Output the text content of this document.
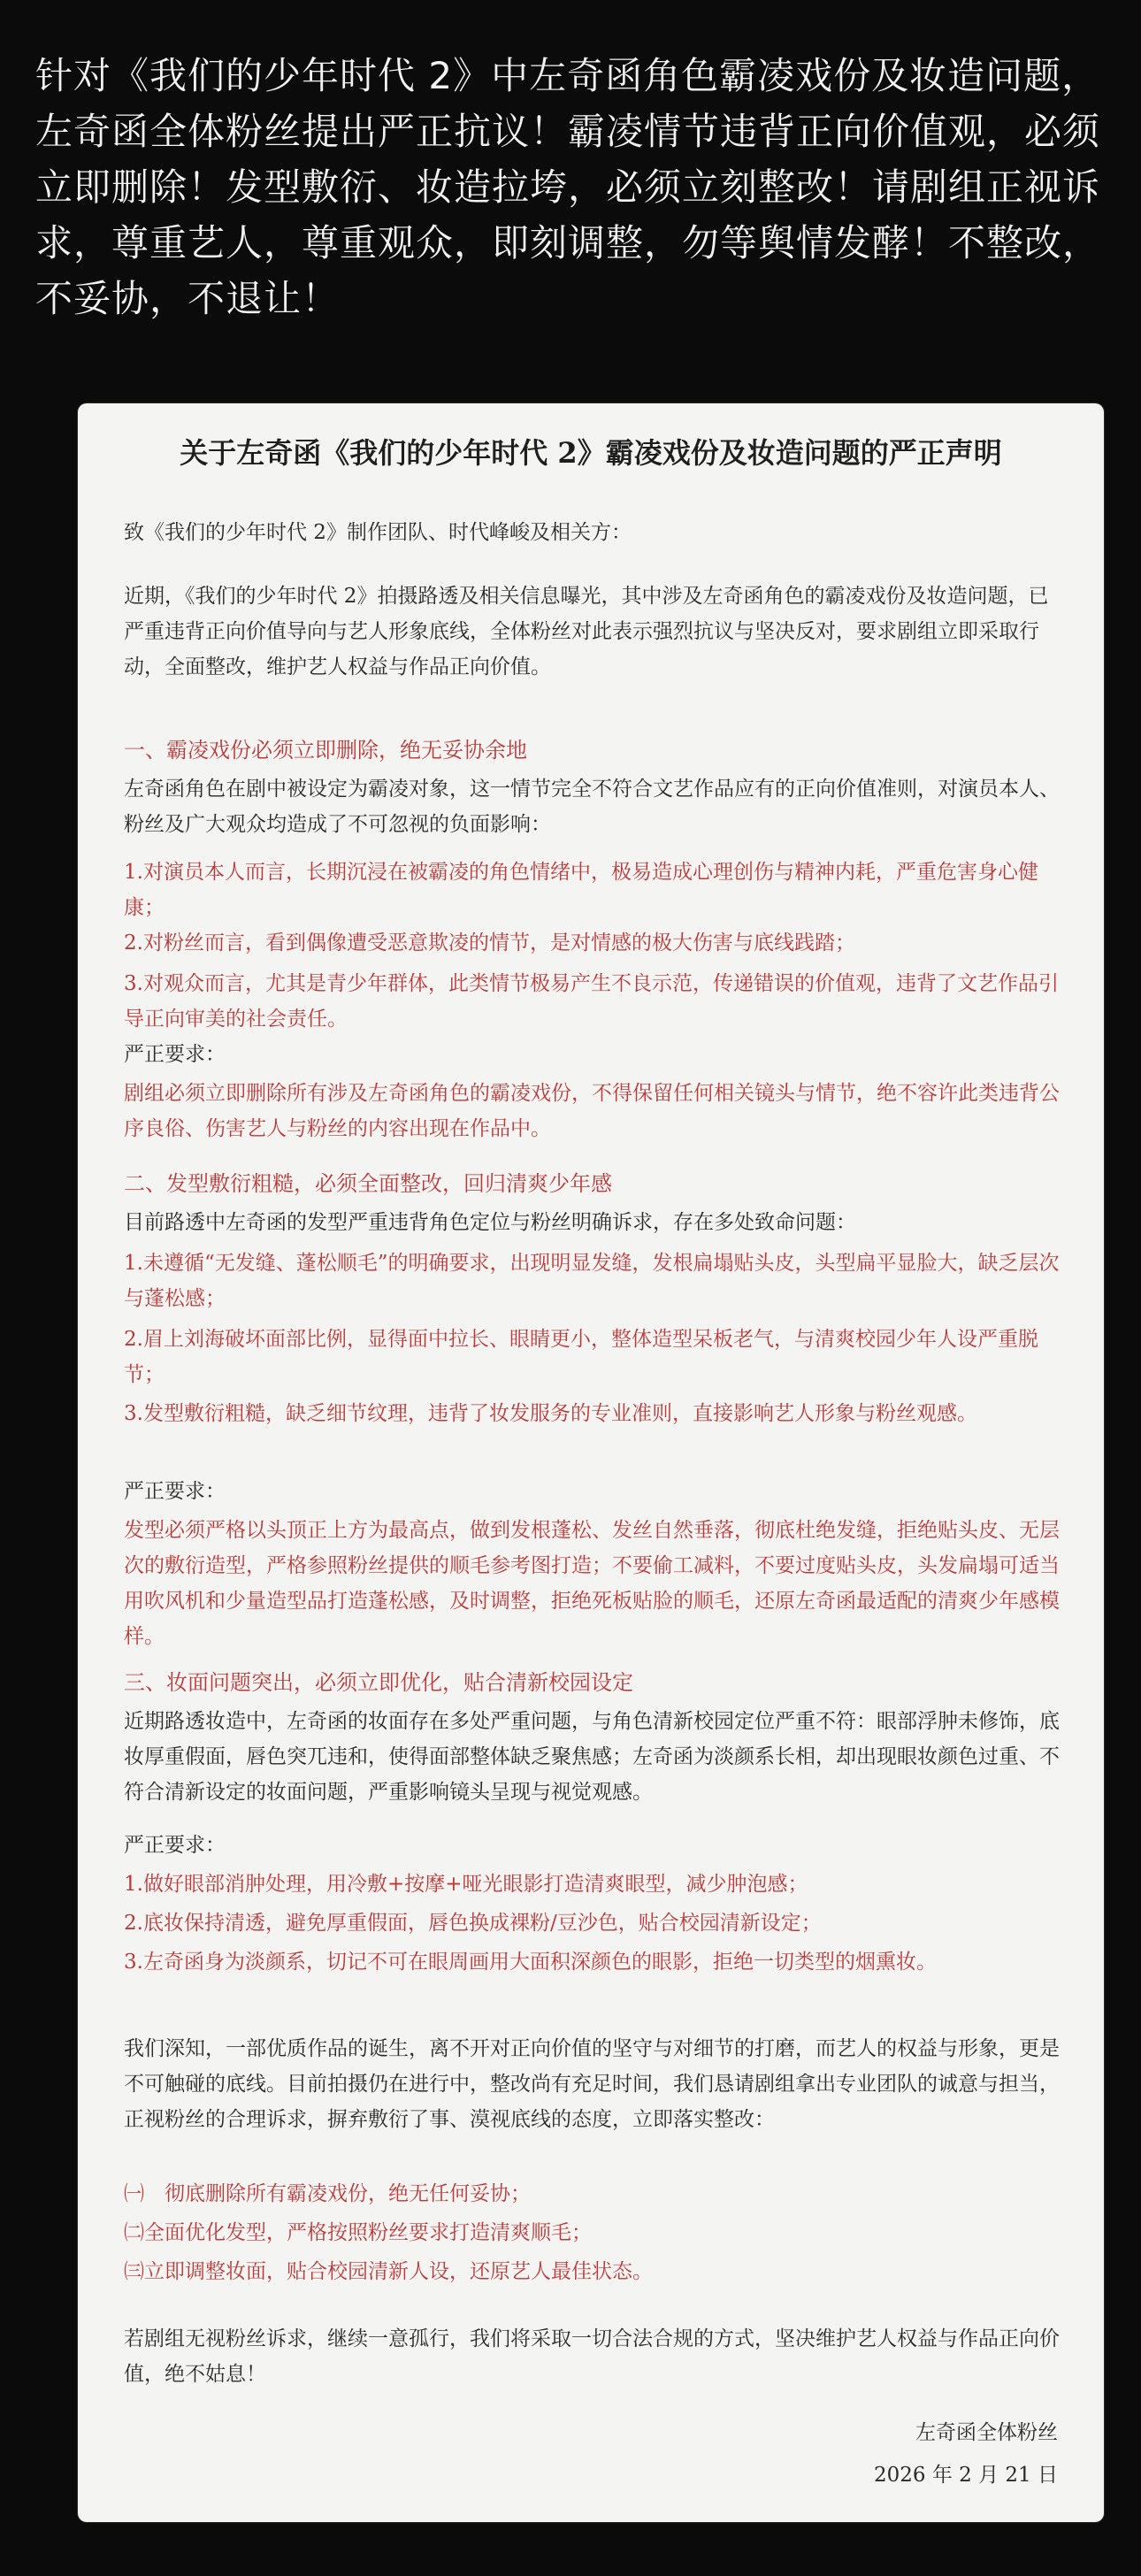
针对《我们的少年时代 2》中左奇函角色霸凌戏份及妆造问题，左奇函全体粉丝提出严正抗议！霸凌情节违背正向价值观，必须立即删除！发型敷衍、妆造拉垮，必须立刻整改！请剧组正视诉求，尊重艺人，尊重观众，即刻调整，勿等舆情发酵！不整改，不妥协，不退让！
关于左奇函《我们的少年时代 2》霸凌戏份及妆造问题的严正声明
致《我们的少年时代 2》制作团队、时代峰峻及相关方：
近期，《我们的少年时代 2》拍摄路透及相关信息曝光，其中涉及左奇函角色的霸凌戏份及妆造问题，已严重违背正向价值导向与艺人形象底线，全体粉丝对此表示强烈抗议与坚决反对，要求剧组立即采取行动，全面整改，维护艺人权益与作品正向价值。
一、霸凌戏份必须立即删除，绝无妥协余地
左奇函角色在剧中被设定为霸凌对象，这一情节完全不符合文艺作品应有的正向价值准则，对演员本人、粉丝及广大观众均造成了不可忽视的负面影响：
1.对演员本人而言，长期沉浸在被霸凌的角色情绪中，极易造成心理创伤与精神内耗，严重危害身心健康；
2.对粉丝而言，看到偶像遭受恶意欺凌的情节，是对情感的极大伤害与底线践踏；
3.对观众而言，尤其是青少年群体，此类情节极易产生不良示范，传递错误的价值观，违背了文艺作品引导正向审美的社会责任。
严正要求：
剧组必须立即删除所有涉及左奇函角色的霸凌戏份，不得保留任何相关镜头与情节，绝不容许此类违背公序良俗、伤害艺人与粉丝的内容出现在作品中。
二、发型敷衍粗糙，必须全面整改，回归清爽少年感
目前路透中左奇函的发型严重违背角色定位与粉丝明确诉求，存在多处致命问题：
1.未遵循“无发缝、蓬松顺毛”的明确要求，出现明显发缝，发根扁塌贴头皮，头型扁平显脸大，缺乏层次与蓬松感；
2.眉上刘海破坏面部比例，显得面中拉长、眼睛更小，整体造型呆板老气，与清爽校园少年人设严重脱节；
3.发型敷衍粗糙，缺乏细节纹理，违背了妆发服务的专业准则，直接影响艺人形象与粉丝观感。
严正要求：
发型必须严格以头顶正上方为最高点，做到发根蓬松、发丝自然垂落，彻底杜绝发缝，拒绝贴头皮、无层次的敷衍造型，严格参照粉丝提供的顺毛参考图打造；不要偷工减料，不要过度贴头皮，头发扁塌可适当用吹风机和少量造型品打造蓬松感，及时调整，拒绝死板贴脸的顺毛，还原左奇函最适配的清爽少年感模样。
三、妆面问题突出，必须立即优化，贴合清新校园设定
近期路透妆造中，左奇函的妆面存在多处严重问题，与角色清新校园定位严重不符：眼部浮肿未修饰，底妆厚重假面，唇色突兀违和，使得面部整体缺乏聚焦感；左奇函为淡颜系长相，却出现眼妆颜色过重、不符合清新设定的妆面问题，严重影响镜头呈现与视觉观感。
严正要求：
1.做好眼部消肿处理，用冷敷+按摩+哑光眼影打造清爽眼型，减少肿泡感；
2.底妆保持清透，避免厚重假面，唇色换成裸粉/豆沙色，贴合校园清新设定；
3.左奇函身为淡颜系，切记不可在眼周画用大面积深颜色的眼影，拒绝一切类型的烟熏妆。
我们深知，一部优质作品的诞生，离不开对正向价值的坚守与对细节的打磨，而艺人的权益与形象，更是不可触碰的底线。目前拍摄仍在进行中，整改尚有充足时间，我们恳请剧组拿出专业团队的诚意与担当，正视粉丝的合理诉求，摒弃敷衍了事、漠视底线的态度，立即落实整改：
㈠　彻底删除所有霸凌戏份，绝无任何妥协；
㈡全面优化发型，严格按照粉丝要求打造清爽顺毛；
㈢立即调整妆面，贴合校园清新人设，还原艺人最佳状态。
若剧组无视粉丝诉求，继续一意孤行，我们将采取一切合法合规的方式，坚决维护艺人权益与作品正向价值，绝不姑息！
左奇函全体粉丝
2026 年 2 月 21 日
